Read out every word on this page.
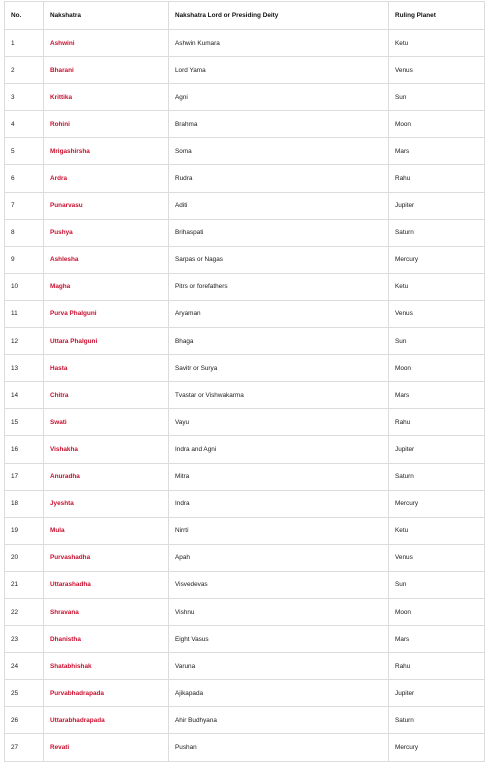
No.	Nakshatra	Nakshatra Lord or Presiding Deity	Ruling Planet
1	Ashwini	Ashwin Kumara	Ketu
2	Bharani	Lord Yama	Venus
3	Krittika	Agni	Sun
4	Rohini	Brahma	Moon
5	Mrigashirsha	Soma	Mars
6	Ardra	Rudra	Rahu
7	Punarvasu	Aditi	Jupiter
8	Pushya	Brihaspati	Saturn
9	Ashlesha	Sarpas or Nagas	Mercury
10	Magha	Pitrs or forefathers	Ketu
11	Purva Phalguni	Aryaman	Venus
12	Uttara Phalguni	Bhaga	Sun
13	Hasta	Savitr or Surya	Moon
14	Chitra	Tvastar or Vishwakarma	Mars
15	Swati	Vayu	Rahu
16	Vishakha	Indra and Agni	Jupiter
17	Anuradha	Mitra	Saturn
18	Jyeshta	Indra	Mercury
19	Mula	Nirrti	Ketu
20	Purvashadha	Apah	Venus
21	Uttarashadha	Visvedevas	Sun
22	Shravana	Vishnu	Moon
23	Dhanistha	Eight Vasus	Mars
24	Shatabhishak	Varuna	Rahu
25	Purvabhadrapada	Ajikapada	Jupiter
26	Uttarabhadrapada	Ahir Budhyana	Saturn
27	Revati	Pushan	Mercury
